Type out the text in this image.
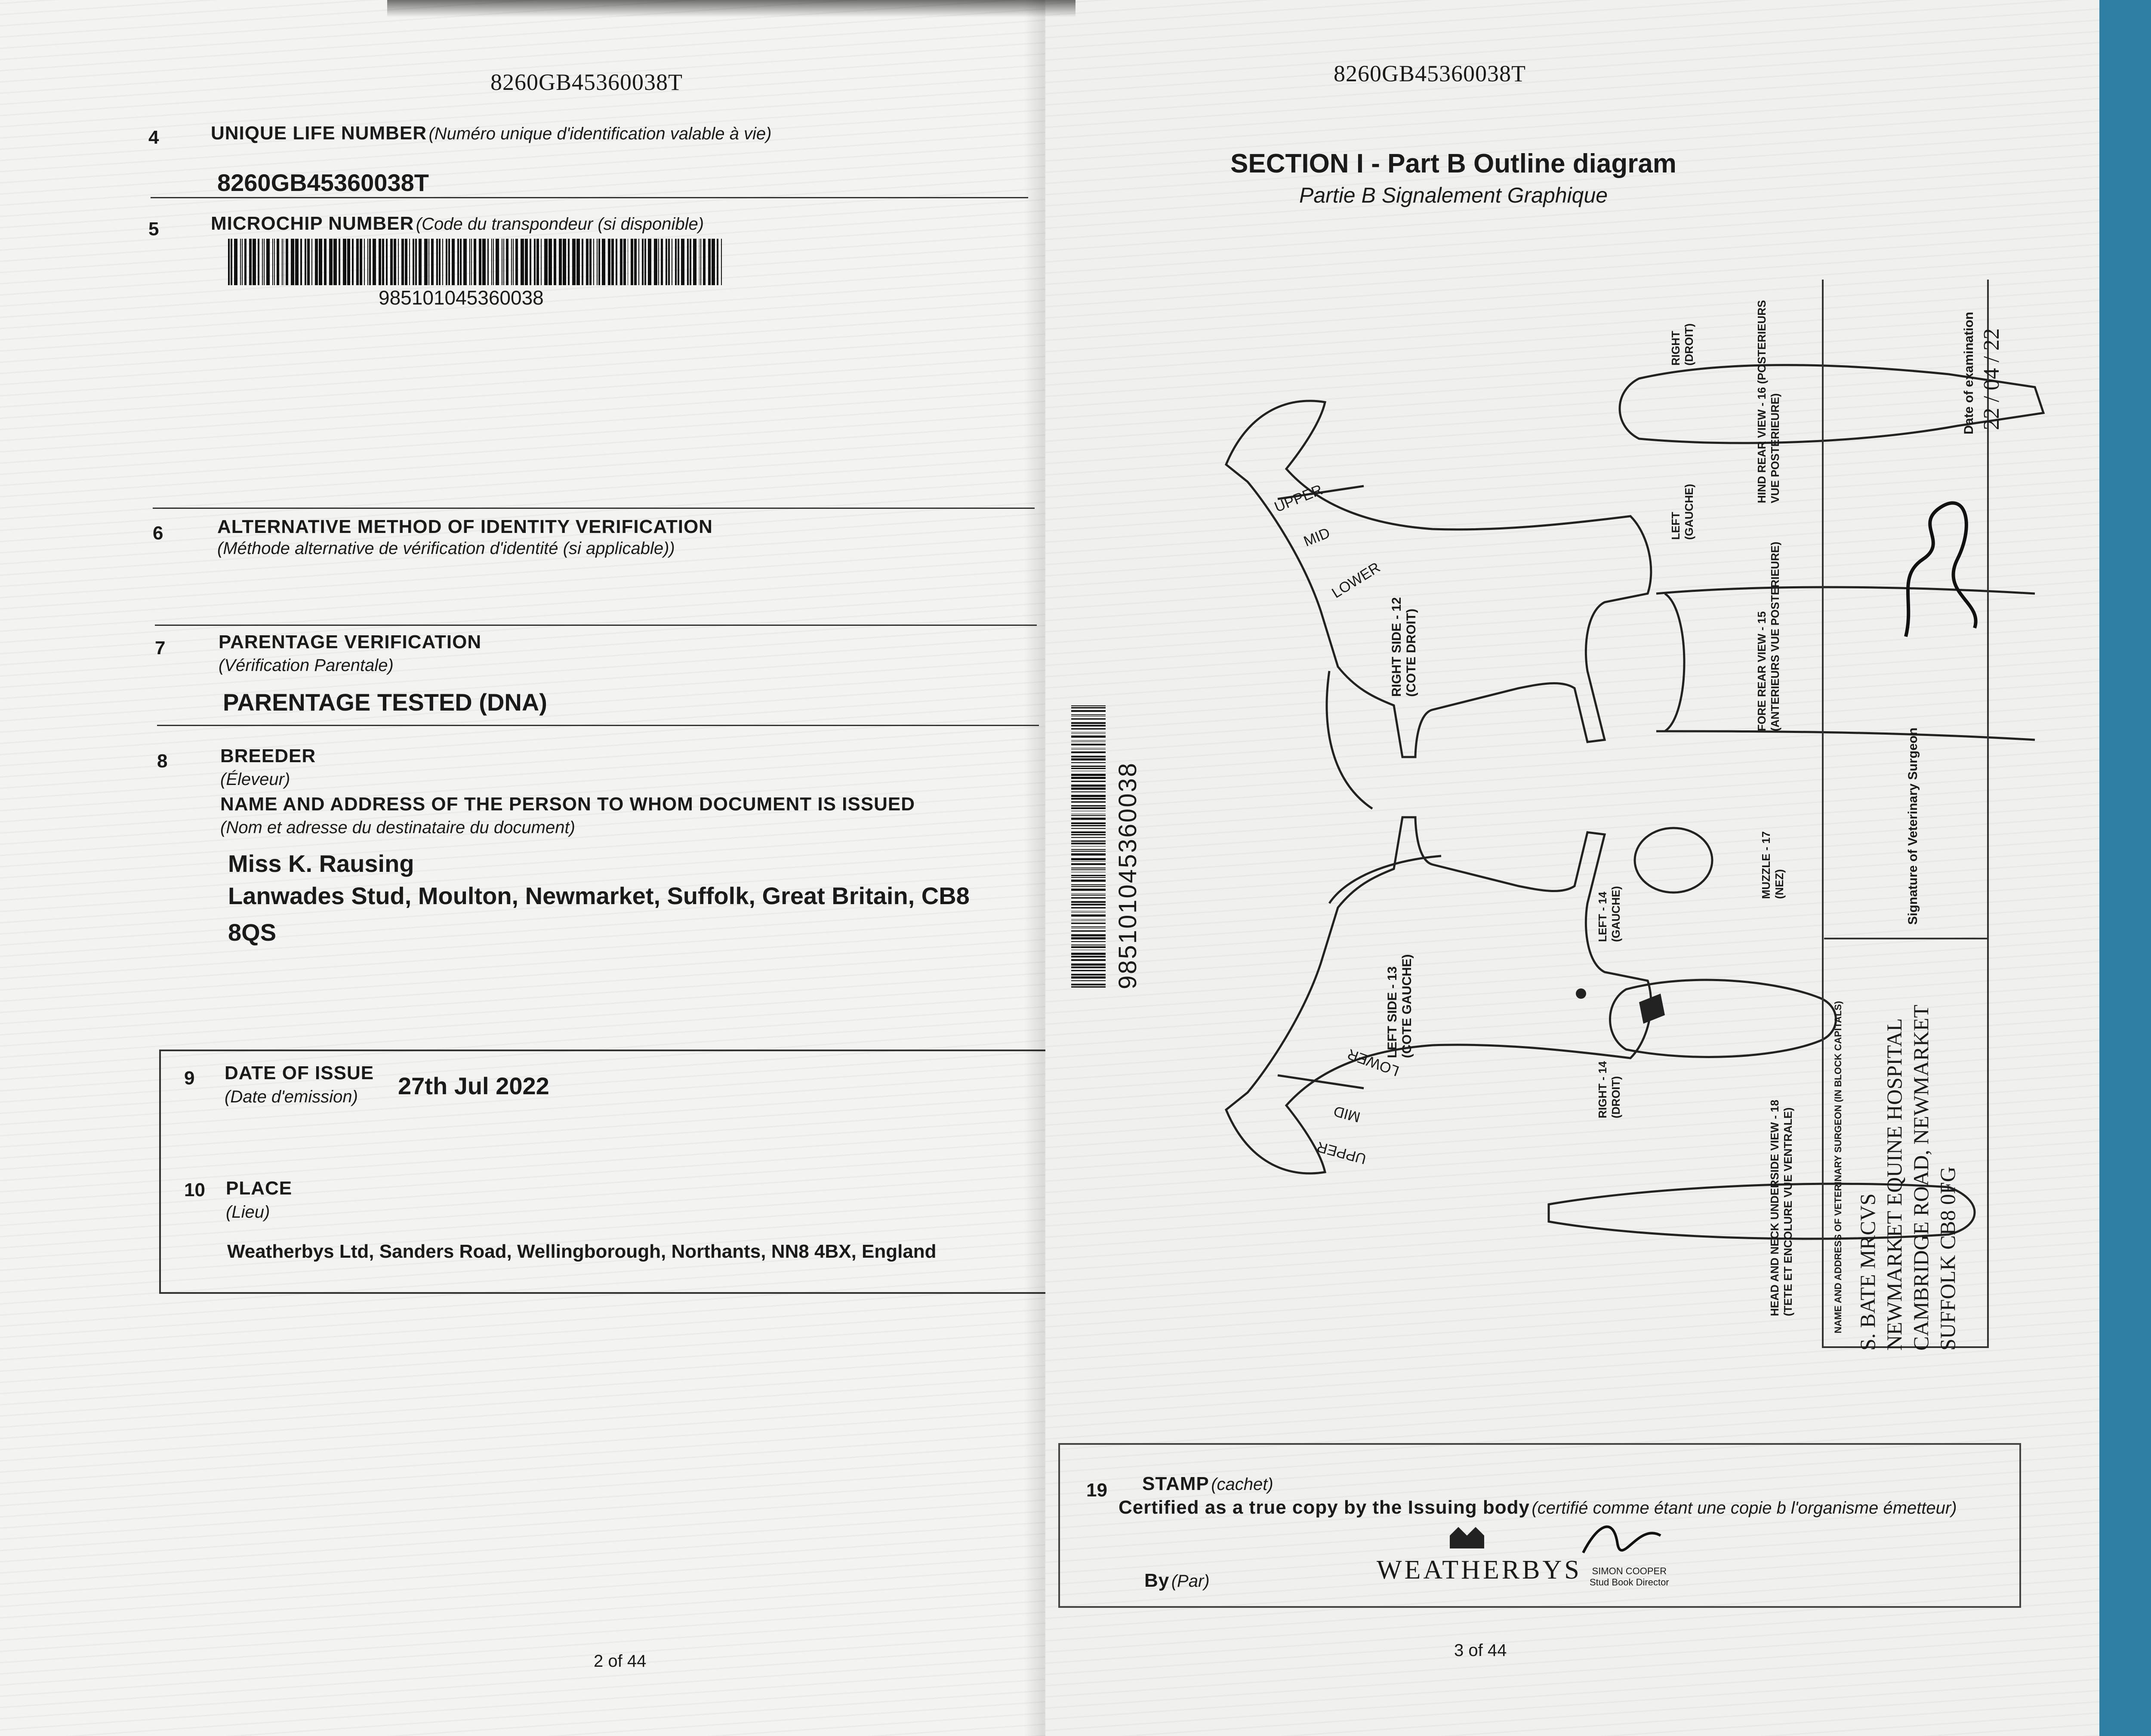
8260GB45360038T
4	UNIQUE LIFE NUMBER (Numéro unique d'identification valable à vie)
8260GB45360038T
5	MICROCHIP NUMBER (Code du transpondeur (si disponible)
985101045360038
6	ALTERNATIVE METHOD OF IDENTITY VERIFICATION
(Méthode alternative de vérification d'identité (si applicable))
7	PARENTAGE VERIFICATION
(Vérification Parentale)
PARENTAGE TESTED (DNA)
8	BREEDER
(Éleveur)
NAME AND ADDRESS OF THE PERSON TO WHOM DOCUMENT IS ISSUED
(Nom et adresse du destinataire du document)
Miss K. Rausing
Lanwades Stud, Moulton, Newmarket, Suffolk, Great Britain, CB8
8QS
9 DATE OF ISSUE
(Date d'emission) 27th Jul 2022
10 PLACE
(Lieu)
Weatherbys Ltd, Sanders Road, Wellingborough, Northants, NN8 4BX, England
2 of 44
8260GB45360038T
SECTION I - Part B Outline diagram
Partie B Signalement Graphique
985101045360038
UPPER
MID
LOWER
LOWER
MID
UPPER
RIGHT SIDE - 12
(COTE DROIT)
LEFT SIDE - 13
(COTE GAUCHE)
LEFT - 14
(GAUCHE)
RIGHT - 14
(DROIT)
FORE REAR VIEW - 15
(ANTERIEURS VUE POSTERIEURE)
HIND REAR VIEW - 16 (POSTERIEURS
VUE POSTERIEURE)
MUZZLE - 17
(NEZ)
HEAD AND NECK UNDERSIDE VIEW - 18
(TETE ET ENCOLURE VUE VENTRALE)
LEFT
(GAUCHE)
RIGHT
(DROIT)
NAME AND ADDRESS OF VETERINARY SURGEON (IN BLOCK CAPITALS) S. BATE MRCVS NEWMARKET EQUINE HOSPITAL CAMBRIDGE ROAD, NEWMARKET SUFFOLK CB8 0FG
Signature of Veterinary Surgeon
Date of examination 22 / 04 / 22
19 STAMP (cachet)
Certified as a true copy by the Issuing body (certifié comme étant une copie b l'organisme émetteur)
WEATHERBYS
By (Par)
SIMON COOPER
Stud Book Director
3 of 44
